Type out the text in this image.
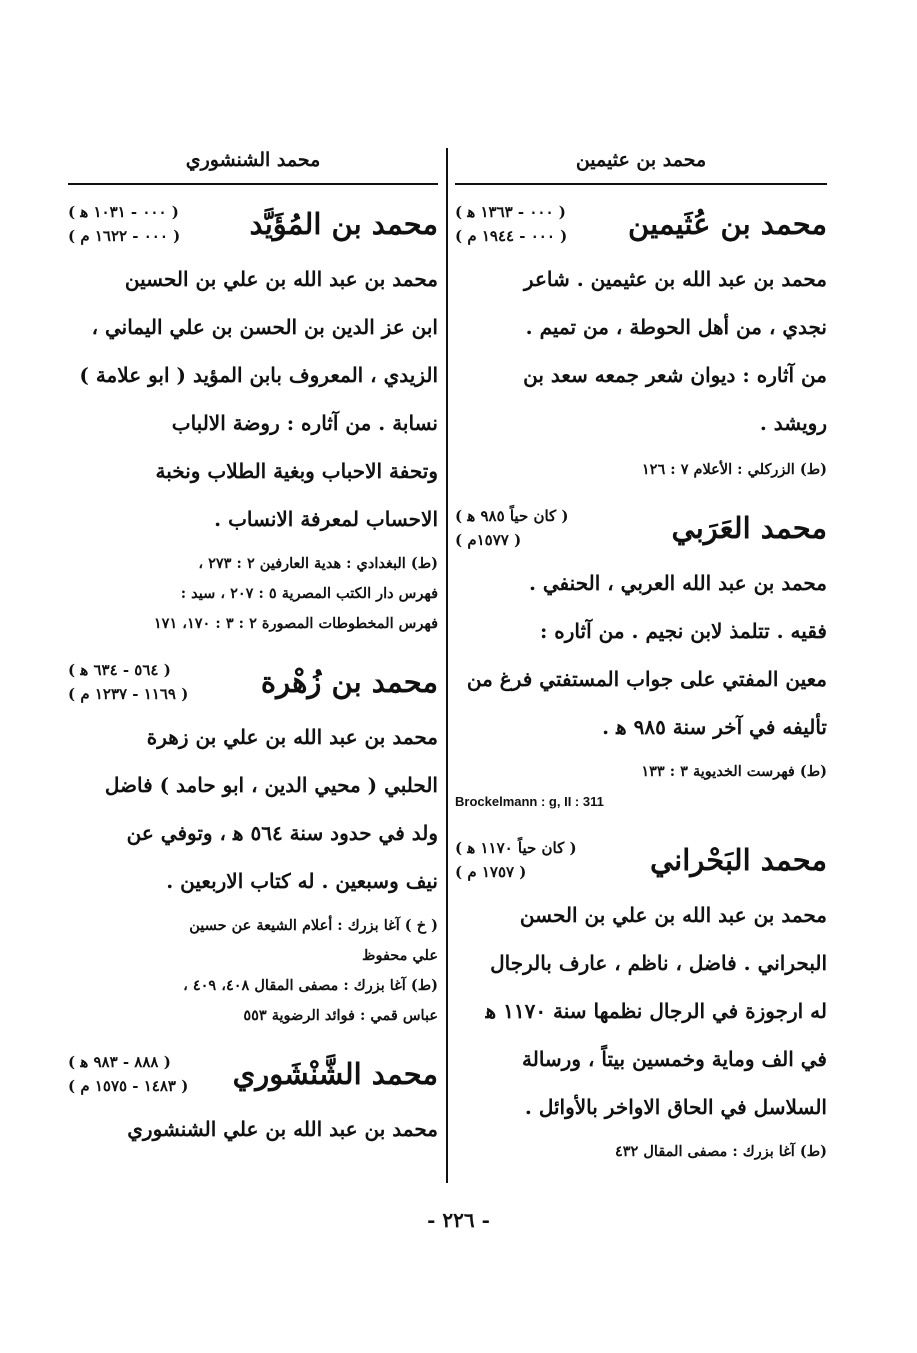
محمد بن عثيمين
محمد بن عُثَيمين
( ٠٠٠ - ١٣٦٣ ﻫ )
( ٠٠٠ - ١٩٤٤ م )
محمد بن عبد الله بن عثيمين . شاعر
نجدي ، من أهل الحوطة ، من تميم .
من آثاره : ديوان شعر جمعه سعد بن
رويشد .
(ط) الزركلي : الأعلام ٧ : ١٢٦
محمد العَرَبي
( كان حياً ٩٨٥ ﻫ )
( ١٥٧٧م )
محمد بن عبد الله العربي ، الحنفي .
فقيه . تتلمذ لابن نجيم . من آثاره :
معين المفتي على جواب المستفتي فرغ من
تأليفه في آخر سنة ٩٨٥ ﻫ .
(ط) فهرست الخديوية ٣ : ١٣٣
Brockelmann : g, II : 311
محمد البَحْراني
( كان حياً ١١٧٠ ﻫ )
( ١٧٥٧ م )
محمد بن عبد الله بن علي بن الحسن
البحراني . فاضل ، ناظم ، عارف بالرجال
له ارجوزة في الرجال نظمها سنة ١١٧٠ ﻫ
في الف وماية وخمسين بيتاً ، ورسالة
السلاسل في الحاق الاواخر بالأوائل .
(ط) آغا بزرك : مصفى المقال ٤٣٢
محمد الشنشوري
محمد بن المُؤَيَّد
( ٠٠٠ - ١٠٣١ ﻫ )
( ٠٠٠ - ١٦٢٢ م )
محمد بن عبد الله بن علي بن الحسين
ابن عز الدين بن الحسن بن علي اليماني ،
الزيدي ، المعروف بابن المؤيد ( ابو علامة )
نسابة . من آثاره : روضة الالباب
وتحفة الاحباب وبغية الطلاب ونخبة
الاحساب لمعرفة الانساب .
(ط) البغدادي : هدية العارفين ٢ : ٢٧٣ ،
فهرس دار الكتب المصرية ٥ : ٢٠٧ ، سيد :
فهرس المخطوطات المصورة ٢ : ٣ : ١٧٠، ١٧١
محمد بن زُهْرة
( ٥٦٤ - ٦٣٤ ﻫ )
( ١١٦٩ - ١٢٣٧ م )
محمد بن عبد الله بن علي بن زهرة
الحلبي ( محيي الدين ، ابو حامد ) فاضل
ولد في حدود سنة ٥٦٤ ﻫ ، وتوفي عن
نيف وسبعين . له كتاب الاربعين .
( خ ) آغا بزرك : أعلام الشيعة عن حسين
علي محفوظ
(ط) آغا بزرك : مصفى المقال ٤٠٨، ٤٠٩ ،
عباس قمي : فوائد الرضوية ٥٥٣
محمد الشَّنْشَوري
( ٨٨٨ - ٩٨٣ ﻫ )
( ١٤٨٣ - ١٥٧٥ م )
محمد بن عبد الله بن علي الشنشوري
- ٢٢٦ -
